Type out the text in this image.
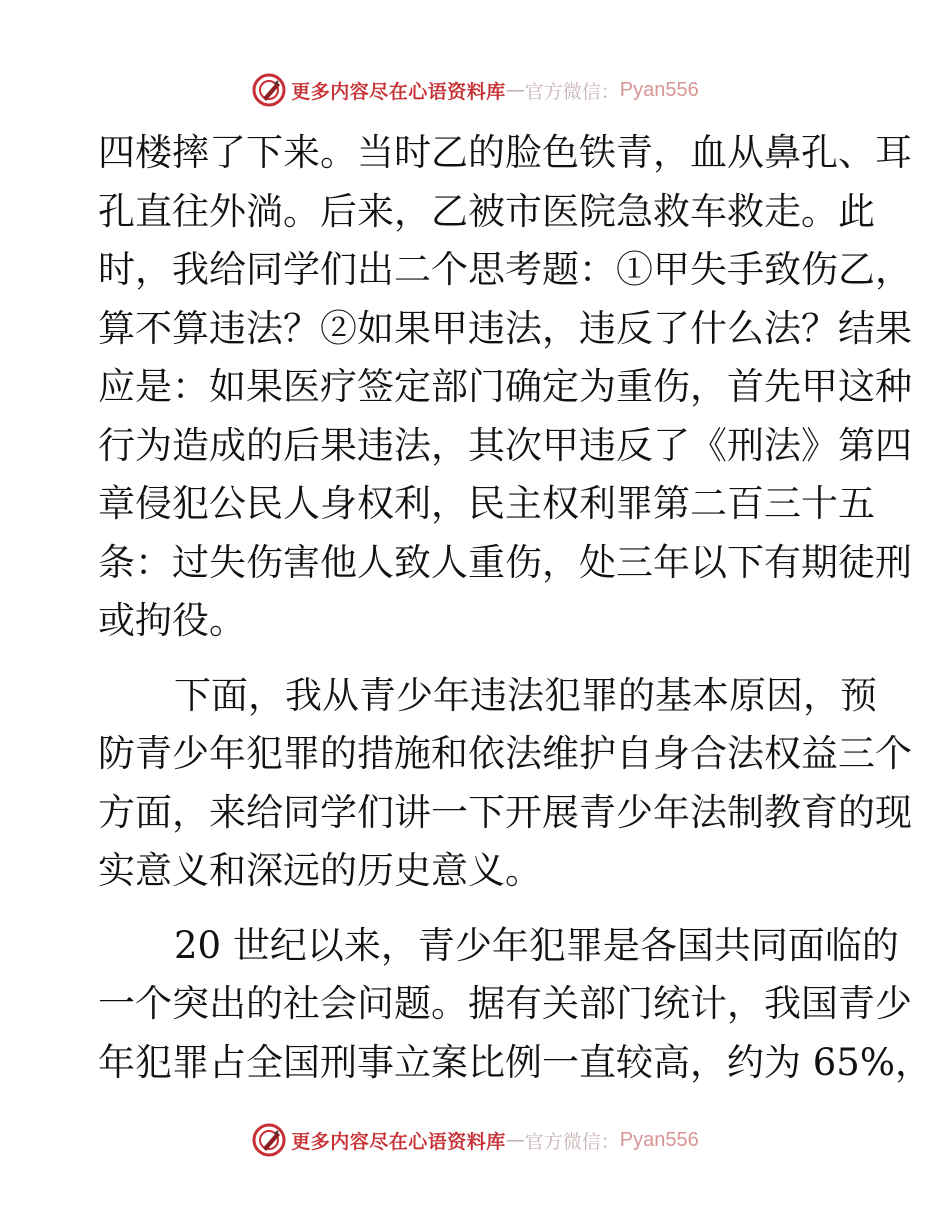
更多内容尽在心语资料库 — 官方微信： Pyan556
四楼摔了下来。当时乙的脸色铁青，血从鼻孔、耳
孔直往外淌。后来，乙被市医院急救车救走。此
时，我给同学们出二个思考题：①甲失手致伤乙，
算不算违法？②如果甲违法，违反了什么法？结果
应是：如果医疗签定部门确定为重伤，首先甲这种
行为造成的后果违法，其次甲违反了《刑法》第四
章侵犯公民人身权利，民主权利罪第二百三十五
条：过失伤害他人致人重伤，处三年以下有期徒刑
或拘役。
下面，我从青少年违法犯罪的基本原因，预
防青少年犯罪的措施和依法维护自身合法权益三个
方面，来给同学们讲一下开展青少年法制教育的现
实意义和深远的历史意义。
20 世纪以来，青少年犯罪是各国共同面临的
一个突出的社会问题。据有关部门统计，我国青少
年犯罪占全国刑事立案比例一直较高，约为 65%，
更多内容尽在心语资料库 — 官方微信： Pyan556
